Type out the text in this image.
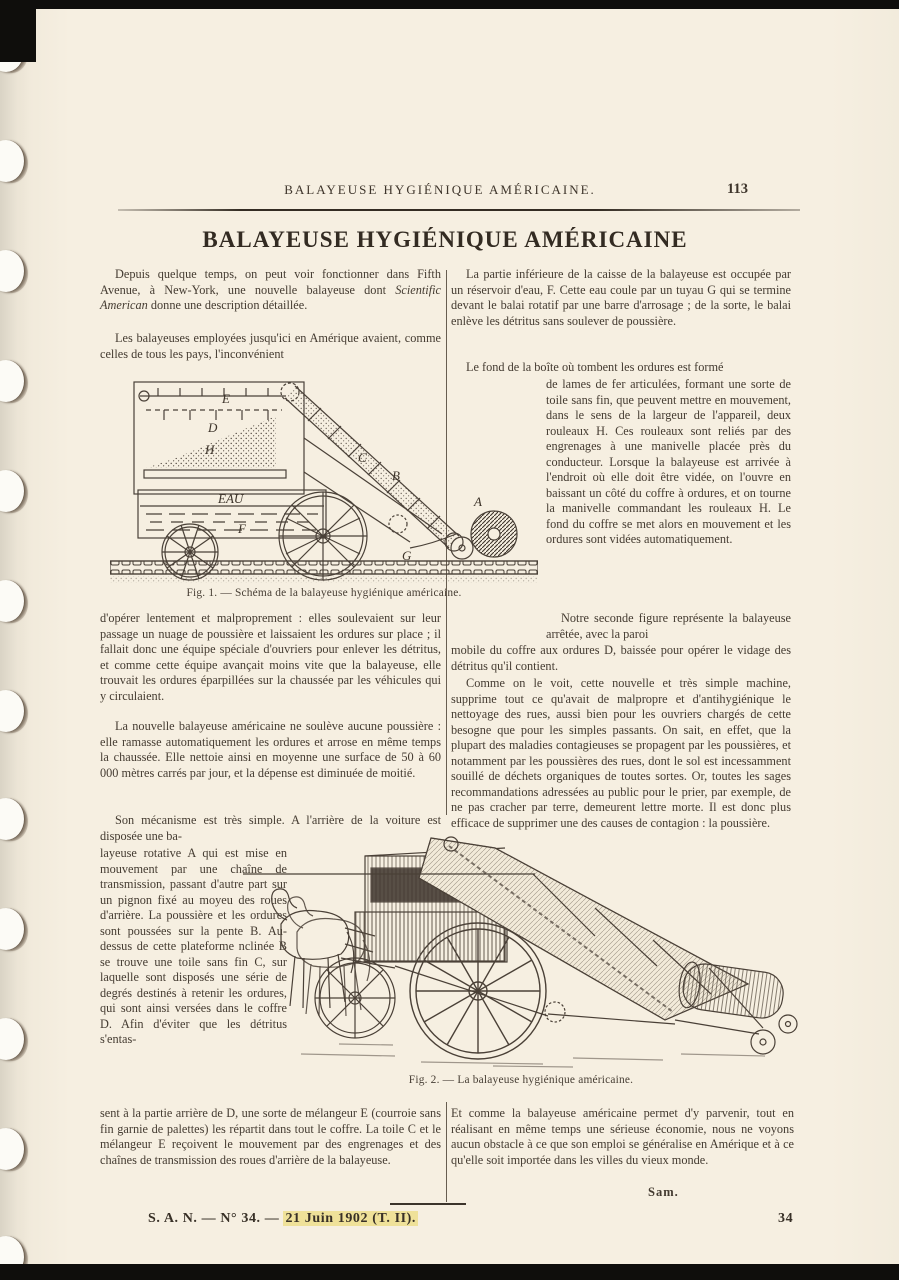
BALAYEUSE HYGIÉNIQUE AMÉRICAINE.	113
BALAYEUSE HYGIÉNIQUE AMÉRICAINE

Depuis quelque temps, on peut voir fonctionner dans Fifth Avenue, à New-York, une nouvelle balayeuse dont Scientific American donne une description détaillée.

Les balayeuses employées jusqu'ici en Amérique avaient, comme celles de tous les pays, l'inconvénient

E
D
H
EAU
F
C
B
A
G
Fig. 1. — Schéma de la balayeuse hygiénique américaine.

La partie inférieure de la caisse de la balayeuse est occupée par un réservoir d'eau, F. Cette eau coule par un tuyau G qui se termine devant le balai rotatif par une barre d'arrosage ; de la sorte, le balai enlève les détritus sans soulever de poussière.

Le fond de la boîte où tombent les ordures est formé

de lames de fer articulées, formant une sorte de toile sans fin, que peuvent mettre en mouvement, dans le sens de la largeur de l'appareil, deux rouleaux H. Ces rouleaux sont reliés par des engrenages à une manivelle placée près du conducteur. Lorsque la balayeuse est arrivée à l'endroit où elle doit être vidée, on l'ouvre en baissant un côté du coffre à ordures, et on tourne la manivelle commandant les rouleaux H. Le fond du coffre se met alors en mouvement et les ordures sont vidées automatiquement.

Notre seconde figure représente la balayeuse arrêtée, avec la paroi

mobile du coffre aux ordures D, baissée pour opérer le vidage des détritus qu'il contient.

Comme on le voit, cette nouvelle et très simple machine, supprime tout ce qu'avait de malpropre et d'antihygiénique le nettoyage des rues, aussi bien pour les ouvriers chargés de cette besogne que pour les simples passants. On sait, en effet, que la plupart des maladies contagieuses se propagent par les poussières, et notamment par les poussières des rues, dont le sol est incessamment souillé de déchets organiques de toutes sortes. Or, toutes les sages recommandations adressées au public pour le prier, par exemple, de ne pas cracher par terre, demeurent lettre morte. Il est donc plus efficace de supprimer une des causes de contagion : la poussière.

d'opérer lentement et malproprement : elles soulevaient sur leur passage un nuage de poussière et laissaient les ordures sur place ; il fallait donc une équipe spéciale d'ouvriers pour enlever les détritus, et comme cette équipe avançait moins vite que la balayeuse, elle trouvait les ordures éparpillées sur la chaussée par les véhicules qui y circulaient.

La nouvelle balayeuse américaine ne soulève aucune poussière : elle ramasse automatiquement les ordures et arrose en même temps la chaussée. Elle nettoie ainsi en moyenne une surface de 50 à 60 000 mètres carrés par jour, et la dépense est diminuée de moitié.

Son mécanisme est très simple. A l'arrière de la voiture est disposée une ba-

layeuse rotative A qui est mise en mouvement par une chaîne de transmission, passant d'autre part sur un pignon fixé au moyeu des roues d'arrière. La poussière et les ordures sont poussées sur la pente B. Au-dessus de cette plateforme nclinée B se trouve une toile sans fin C, sur laquelle sont disposés une série de degrés destinés à retenir les ordures, qui sont ainsi versées dans le coffre D. Afin d'éviter que les détritus s'entas-

sent à la partie arrière de D, une sorte de mélangeur E (courroie sans fin garnie de palettes) les répartit dans tout le coffre. La toile C et le mélangeur E reçoivent le mouvement par des engrenages et des chaînes de transmission des roues d'arrière de la balayeuse.

Fig. 2. — La balayeuse hygiénique américaine.

Et comme la balayeuse américaine permet d'y parvenir, tout en réalisant en même temps une sérieuse économie, nous ne voyons aucun obstacle à ce que son emploi se généralise en Amérique et à ce qu'elle soit importée dans les villes du vieux monde.

Sam.
S. A. N. — N° 34. — 21 Juin 1902 (T. II).	34
